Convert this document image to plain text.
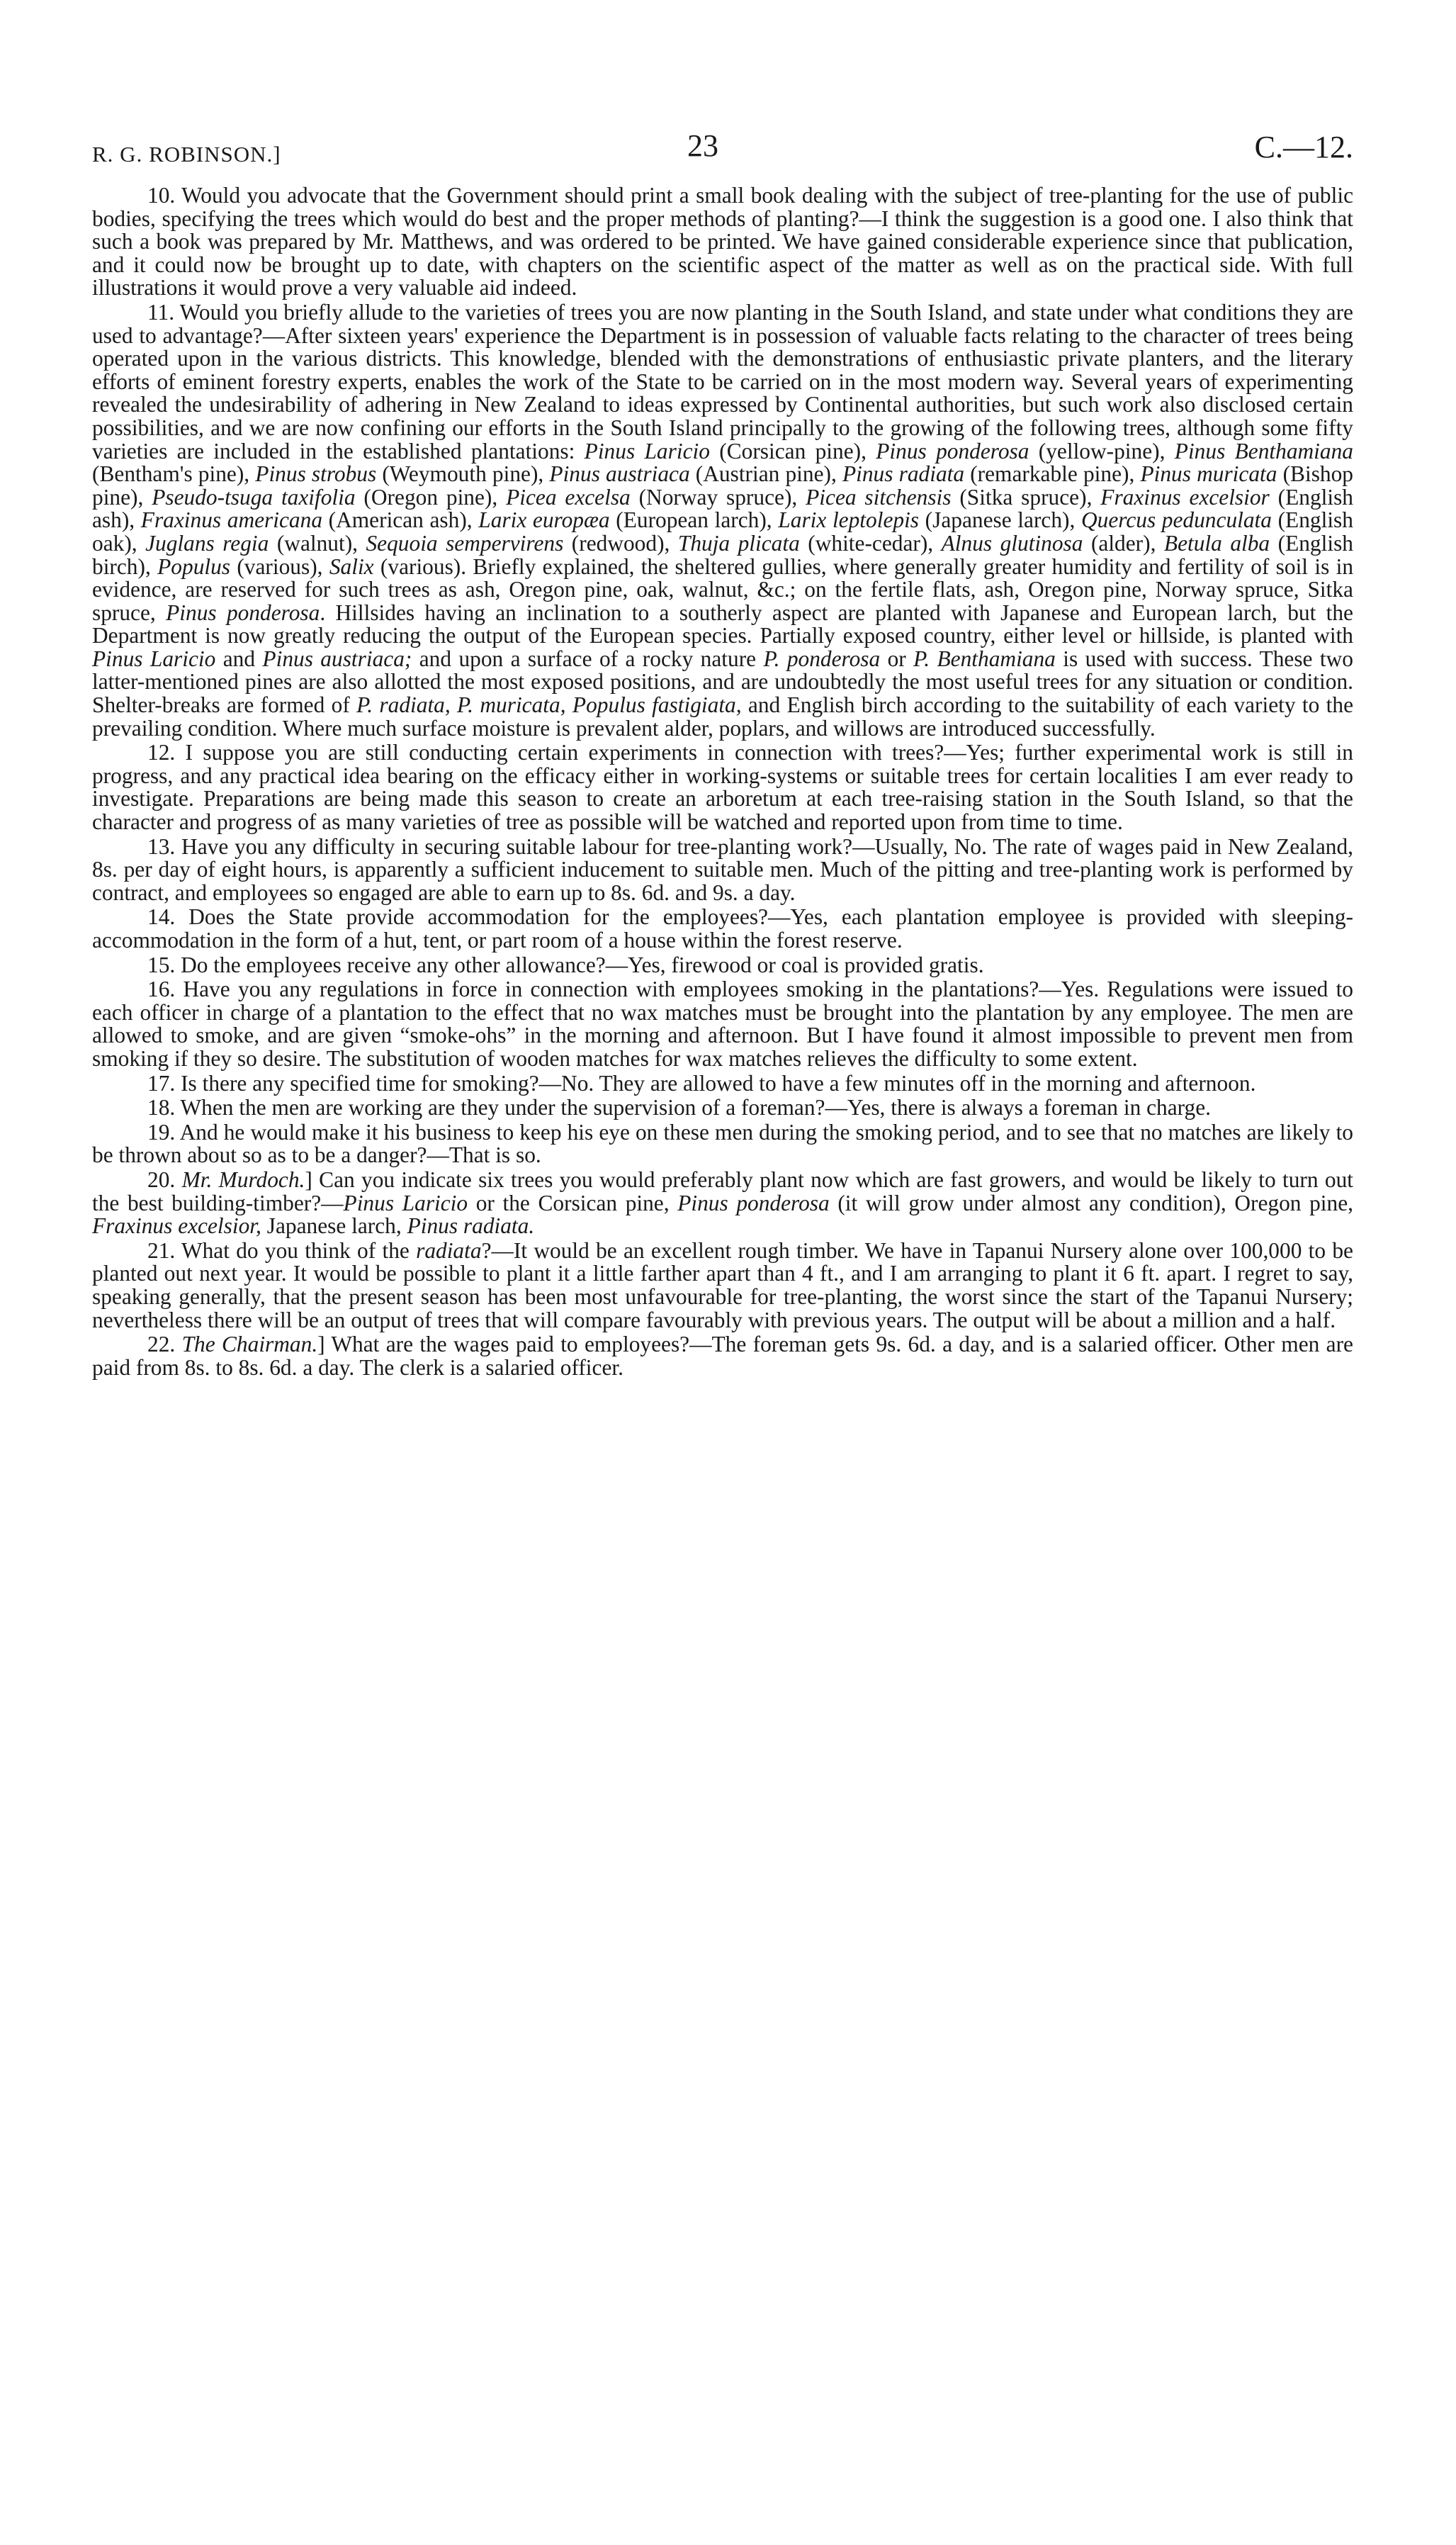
R. G. ROBINSON.]	23	C.—12.

10. Would you advocate that the Government should print a small book dealing with the subject of tree-planting for the use of public bodies, specifying the trees which would do best and the proper methods of planting?—I think the suggestion is a good one. I also think that such a book was prepared by Mr. Matthews, and was ordered to be printed. We have gained considerable experience since that publication, and it could now be brought up to date, with chapters on the scientific aspect of the matter as well as on the practical side. With full illustrations it would prove a very valuable aid indeed.

11. Would you briefly allude to the varieties of trees you are now planting in the South Island, and state under what conditions they are used to advantage?—After sixteen years' experience the Department is in possession of valuable facts relating to the character of trees being operated upon in the various districts. This knowledge, blended with the demonstrations of enthusiastic private planters, and the literary efforts of eminent forestry experts, enables the work of the State to be carried on in the most modern way. Several years of experimenting revealed the undesirability of adhering in New Zealand to ideas expressed by Continental authorities, but such work also disclosed certain possibilities, and we are now confining our efforts in the South Island principally to the growing of the following trees, although some fifty varieties are included in the established plantations: Pinus Laricio (Corsican pine), Pinus ponderosa (yellow-pine), Pinus Benthamiana (Bentham's pine), Pinus strobus (Weymouth pine), Pinus austriaca (Austrian pine), Pinus radiata (remarkable pine), Pinus muricata (Bishop pine), Pseudo-tsuga taxifolia (Oregon pine), Picea excelsa (Norway spruce), Picea sitchensis (Sitka spruce), Fraxinus excelsior (English ash), Fraxinus americana (American ash), Larix europæa (European larch), Larix leptolepis (Japanese larch), Quercus pedunculata (English oak), Juglans regia (walnut), Sequoia sempervirens (redwood), Thuja plicata (white-cedar), Alnus glutinosa (alder), Betula alba (English birch), Populus (various), Salix (various). Briefly explained, the sheltered gullies, where generally greater humidity and fertility of soil is in evidence, are reserved for such trees as ash, Oregon pine, oak, walnut, &c.; on the fertile flats, ash, Oregon pine, Norway spruce, Sitka spruce, Pinus ponderosa. Hillsides having an inclination to a southerly aspect are planted with Japanese and European larch, but the Department is now greatly reducing the output of the European species. Partially exposed country, either level or hillside, is planted with Pinus Laricio and Pinus austriaca; and upon a surface of a rocky nature P. ponderosa or P. Benthamiana is used with success. These two latter-mentioned pines are also allotted the most exposed positions, and are undoubtedly the most useful trees for any situation or condition. Shelter-breaks are formed of P. radiata, P. muricata, Populus fastigiata, and English birch according to the suitability of each variety to the prevailing condition. Where much surface moisture is prevalent alder, poplars, and willows are introduced successfully.

12. I suppose you are still conducting certain experiments in connection with trees?—Yes; further experimental work is still in progress, and any practical idea bearing on the efficacy either in working-systems or suitable trees for certain localities I am ever ready to investigate. Preparations are being made this season to create an arboretum at each tree-raising station in the South Island, so that the character and progress of as many varieties of tree as possible will be watched and reported upon from time to time.

13. Have you any difficulty in securing suitable labour for tree-planting work?—Usually, No. The rate of wages paid in New Zealand, 8s. per day of eight hours, is apparently a sufficient inducement to suitable men. Much of the pitting and tree-planting work is performed by contract, and employees so engaged are able to earn up to 8s. 6d. and 9s. a day.

14. Does the State provide accommodation for the employees?—Yes, each plantation employee is provided with sleeping-accommodation in the form of a hut, tent, or part room of a house within the forest reserve.

15. Do the employees receive any other allowance?—Yes, firewood or coal is provided gratis.

16. Have you any regulations in force in connection with employees smoking in the plantations?—Yes. Regulations were issued to each officer in charge of a plantation to the effect that no wax matches must be brought into the plantation by any employee. The men are allowed to smoke, and are given “smoke-ohs” in the morning and afternoon. But I have found it almost impossible to prevent men from smoking if they so desire. The substitution of wooden matches for wax matches relieves the difficulty to some extent.

17. Is there any specified time for smoking?—No. They are allowed to have a few minutes off in the morning and afternoon.

18. When the men are working are they under the supervision of a foreman?—Yes, there is always a foreman in charge.

19. And he would make it his business to keep his eye on these men during the smoking period, and to see that no matches are likely to be thrown about so as to be a danger?—That is so.

20. Mr. Murdoch.] Can you indicate six trees you would preferably plant now which are fast growers, and would be likely to turn out the best building-timber?—Pinus Laricio or the Corsican pine, Pinus ponderosa (it will grow under almost any condition), Oregon pine, Fraxinus excelsior, Japanese larch, Pinus radiata.

21. What do you think of the radiata?—It would be an excellent rough timber. We have in Tapanui Nursery alone over 100,000 to be planted out next year. It would be possible to plant it a little farther apart than 4 ft., and I am arranging to plant it 6 ft. apart. I regret to say, speaking generally, that the present season has been most unfavourable for tree-planting, the worst since the start of the Tapanui Nursery; nevertheless there will be an output of trees that will compare favourably with previous years. The output will be about a million and a half.

22. The Chairman.] What are the wages paid to employees?—The foreman gets 9s. 6d. a day, and is a salaried officer. Other men are paid from 8s. to 8s. 6d. a day. The clerk is a salaried officer.
